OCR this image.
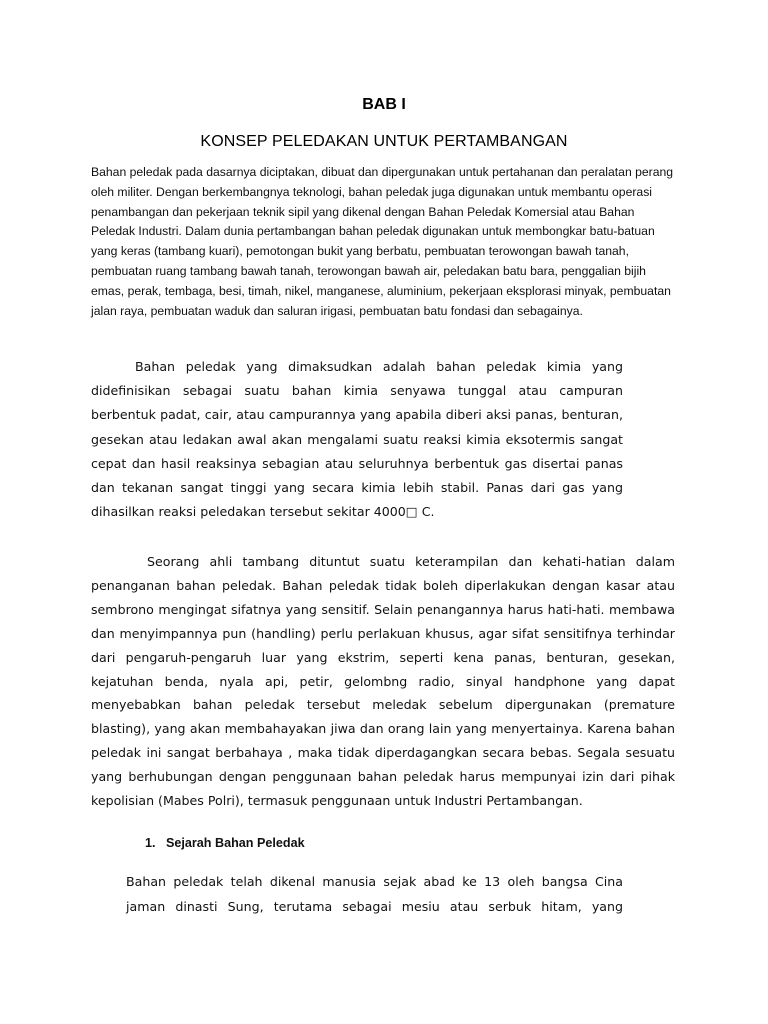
BAB I
KONSEP PELEDAKAN UNTUK PERTAMBANGAN

Bahan peledak pada dasarnya diciptakan, dibuat dan dipergunakan untuk pertahanan dan peralatan perang oleh militer. Dengan berkembangnya teknologi, bahan peledak juga digunakan untuk membantu operasi penambangan dan pekerjaan teknik sipil yang dikenal dengan Bahan Peledak Komersial atau Bahan Peledak Industri. Dalam dunia pertambangan bahan peledak digunakan untuk membongkar batu-batuan yang keras (tambang kuari), pemotongan bukit yang berbatu, pembuatan terowongan bawah tanah, pembuatan ruang tambang bawah tanah, terowongan bawah air, peledakan batu bara, penggalian bijih emas, perak, tembaga, besi, timah, nikel, manganese, aluminium, pekerjaan eksplorasi minyak, pembuatan jalan raya, pembuatan waduk dan saluran irigasi, pembuatan batu fondasi dan sebagainya.

Bahan peledak yang dimaksudkan adalah bahan peledak kimia yang didefinisikan sebagai suatu bahan kimia senyawa tunggal atau campuran berbentuk padat, cair, atau campurannya yang apabila diberi aksi panas, benturan, gesekan atau ledakan awal akan mengalami suatu reaksi kimia eksotermis sangat cepat dan hasil reaksinya sebagian atau seluruhnya berbentuk gas disertai panas dan tekanan sangat tinggi yang secara kimia lebih stabil. Panas dari gas yang dihasilkan reaksi peledakan tersebut sekitar 4000□ C.

Seorang ahli tambang dituntut suatu keterampilan dan kehati-hatian dalam penanganan bahan peledak. Bahan peledak tidak boleh diperlakukan dengan kasar atau sembrono mengingat sifatnya yang sensitif. Selain penangannya harus hati-hati. membawa dan menyimpannya pun (handling) perlu perlakuan khusus, agar sifat sensitifnya terhindar dari pengaruh-pengaruh luar yang ekstrim, seperti kena panas, benturan, gesekan, kejatuhan benda, nyala api, petir, gelombng radio, sinyal handphone yang dapat menyebabkan bahan peledak tersebut meledak sebelum dipergunakan (premature blasting), yang akan membahayakan jiwa dan orang lain yang menyertainya. Karena bahan peledak ini sangat berbahaya , maka tidak diperdagangkan secara bebas. Segala sesuatu yang berhubungan dengan penggunaan bahan peledak harus mempunyai izin dari pihak kepolisian (Mabes Polri), termasuk penggunaan untuk Industri Pertambangan.

1. Sejarah Bahan Peledak

Bahan peledak telah dikenal manusia sejak abad ke 13 oleh bangsa Cina jaman dinasti Sung, terutama sebagai mesiu atau serbuk hitam, yang
